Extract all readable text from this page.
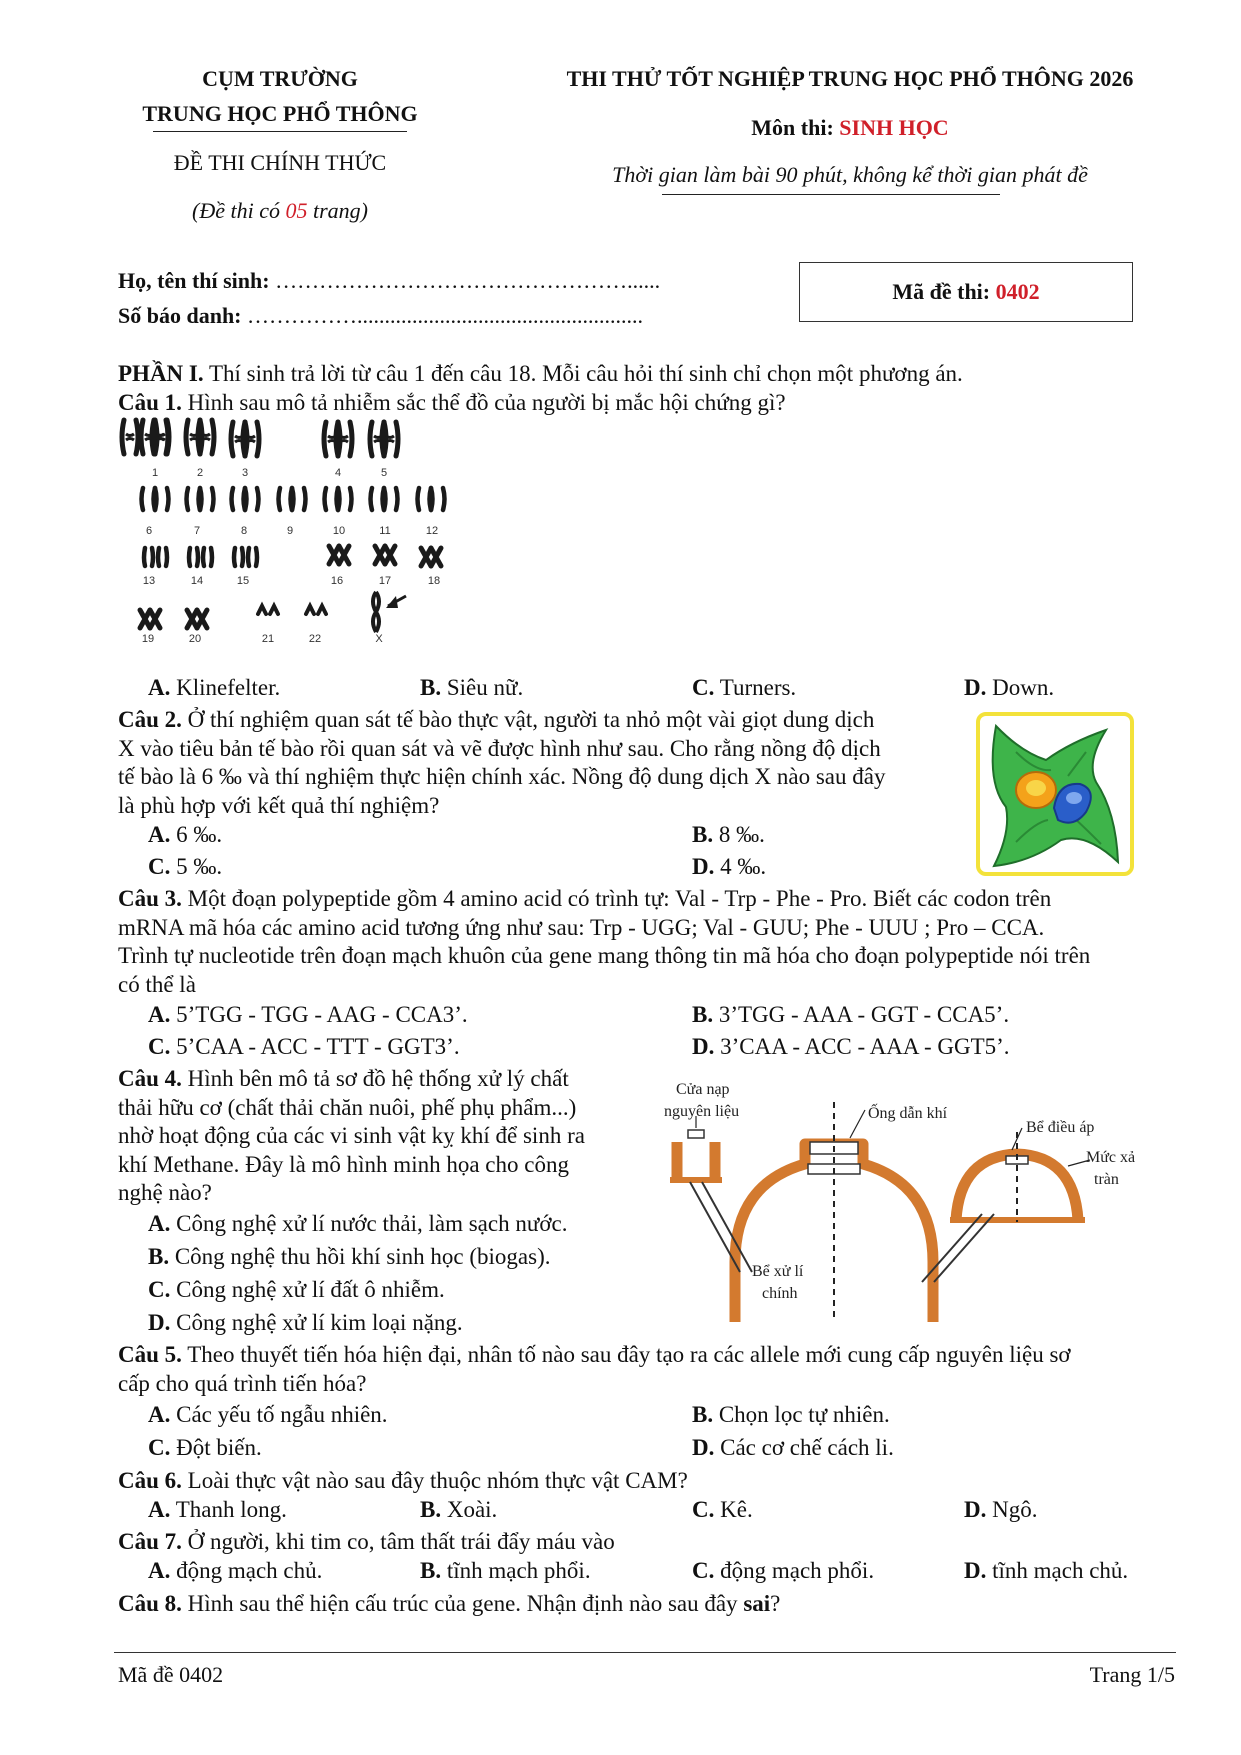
CỤM TRƯỜNG
TRUNG HỌC PHỔ THÔNG
ĐỀ THI CHÍNH THỨC
(Đề thi có 05 trang)
THI THỬ TỐT NGHIỆP TRUNG HỌC PHỔ THÔNG 2026
Môn thi: SINH HỌC
Thời gian làm bài 90 phút, không kể thời gian phát đề
Họ, tên thí sinh: …………………………………………......
Số báo danh: ……………....................................................
Mã đề thi: 0402
PHẦN I. Thí sinh trả lời từ câu 1 đến câu 18. Mỗi câu hỏi thí sinh chỉ chọn một phương án.
Câu 1. Hình sau mô tả nhiễm sắc thể đồ của người bị mắc hội chứng gì?
1	2	3	4	5
6	7	8	9	10	11	12
13	14	15	16	17	18
19	20	21	22	X
A. Klinefelter.	B. Siêu nữ.	C. Turners.	D. Down.
Câu 2. Ở thí nghiệm quan sát tế bào thực vật, người ta nhỏ một vài giọt dung dịch
X vào tiêu bản tế bào rồi quan sát và vẽ được hình như sau. Cho rằng nồng độ dịch
tế bào là 6 ‰ và thí nghiệm thực hiện chính xác. Nồng độ dung dịch X nào sau đây
là phù hợp với kết quả thí nghiệm?
A. 6 ‰.	B. 8 ‰.
C. 5 ‰.	D. 4 ‰.
Câu 3. Một đoạn polypeptide gồm 4 amino acid có trình tự: Val - Trp - Phe - Pro. Biết các codon trên
mRNA mã hóa các amino acid tương ứng như sau: Trp - UGG; Val - GUU; Phe - UUU ; Pro – CCA.
Trình tự nucleotide trên đoạn mạch khuôn của gene mang thông tin mã hóa cho đoạn polypeptide nói trên
có thể là
A. 5’TGG - TGG - AAG - CCA3’.	B. 3’TGG - AAA - GGT - CCA5’.
C. 5’CAA - ACC - TTT - GGT3’.	D. 3’CAA - ACC - AAA - GGT5’.
Câu 4. Hình bên mô tả sơ đồ hệ thống xử lý chất
thải hữu cơ (chất thải chăn nuôi, phế phụ phẩm...)
nhờ hoạt động của các vi sinh vật kỵ khí để sinh ra
khí Methane. Đây là mô hình minh họa cho công
nghệ nào?
A. Công nghệ xử lí nước thải, làm sạch nước.
B. Công nghệ thu hồi khí sinh học (biogas).
C. Công nghệ xử lí đất ô nhiễm.
D. Công nghệ xử lí kim loại nặng.
Cửa nạp
nguyên liệu	Ống dẫn khí
Bể điều áp
Mức xả
tràn
Bể xử lí
chính
Câu 5. Theo thuyết tiến hóa hiện đại, nhân tố nào sau đây tạo ra các allele mới cung cấp nguyên liệu sơ
cấp cho quá trình tiến hóa?
A. Các yếu tố ngẫu nhiên.	B. Chọn lọc tự nhiên.
C. Đột biến.	D. Các cơ chế cách li.
Câu 6. Loài thực vật nào sau đây thuộc nhóm thực vật CAM?
A. Thanh long.	B. Xoài.	C. Kê.	D. Ngô.
Câu 7. Ở người, khi tim co, tâm thất trái đẩy máu vào
A. động mạch chủ.	B. tĩnh mạch phổi.	C. động mạch phổi.	D. tĩnh mạch chủ.
Câu 8. Hình sau thể hiện cấu trúc của gene. Nhận định nào sau đây sai?
Mã đề 0402	Trang 1/5
